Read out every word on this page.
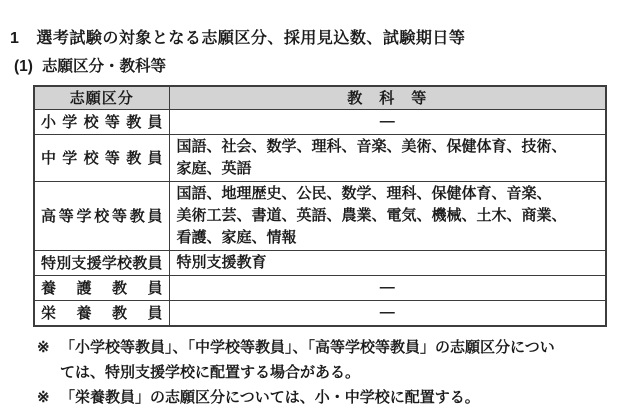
1 選考試験の対象となる志願区分、採用見込数、試験期日等
(1) 志願区分・教科等
志願区分	教　科　等
小学校等教員	—
中学校等教員	国語、社会、数学、理科、音楽、美術、保健体育、技術、家庭、英語
高等学校等教員	国語、地理歴史、公民、数学、理科、保健体育、音楽、美術工芸、書道、英語、農業、電気、機械、土木、商業、看護、家庭、情報
特別支援学校教員	特別支援教育
養護教員	—
栄養教員	—
※ 「小学校等教員」、「中学校等教員」、「高等学校等教員」の志願区分につい
ては、特別支援学校に配置する場合がある。
※ 「栄養教員」の志願区分については、小・中学校に配置する。
